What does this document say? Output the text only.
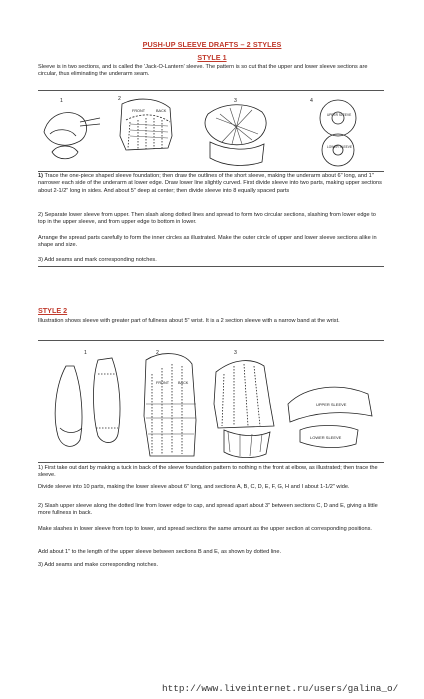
PUSH-UP SLEEVE DRAFTS – 2 STYLES
STYLE 1

Sleeve is in two sections, and is called the 'Jack-O-Lantern' sleeve. The pattern is so cut that the upper and lower sleeve sections are circular, thus eliminating the underarm seam.

1	2	3	4
FRONT	BACK
UPPER SLEEVE
LOWER SLEEVE

1) Trace the one-piece shaped sleeve foundation; then draw the outlines of the short sleeve, making the underarm about 6" long, and 1" narrower each side of the underarm at lower edge. Draw lower line slightly curved. First divide sleeve into two parts, making upper sections about 2-1/2" long in sides. And about 5" deep at center; then divide sleeve into 8 equally spaced parts

2) Separate lower sleeve from upper. Then slash along dotted lines and spread to form two circular sections, slashing from lower edge to top in the upper sleeve, and from upper edge to bottom in lower.

Arrange the spread parts carefully to form the inner circles as illustrated. Make the outer circle of upper and lower sleeve sections alike in shape and size.

3) Add seams and mark corresponding notches.

STYLE 2

Illustration shows sleeve with greater part of fullness about 5" wrist. It is a 2 section sleeve with a narrow band at the wrist.

1	2	3
FRONT BACK
UPPER SLEEVE
LOWER SLEEVE

1) First take out dart by making a tuck in back of the sleeve foundation pattern to nothing n the front at elbow, as illustrated; then trace the sleeve.

Divide sleeve into 10 parts, making the lower sleeve about 6" long, and sections A, B, C, D, E, F, G, H and I about 1-1/2" wide.

2) Slash upper sleeve along the dotted line from lower edge to cap, and spread apart about 3" between sections C, D and E, giving a little more fullness in back.

Make slashes in lower sleeve from top to lower, and spread sections the same amount as the upper section at corresponding positions.

Add about 1" to the length of the upper sleeve between sections B and E, as shown by dotted line.

3) Add seams and make corresponding notches.

http://www.liveinternet.ru/users/galina_o/
